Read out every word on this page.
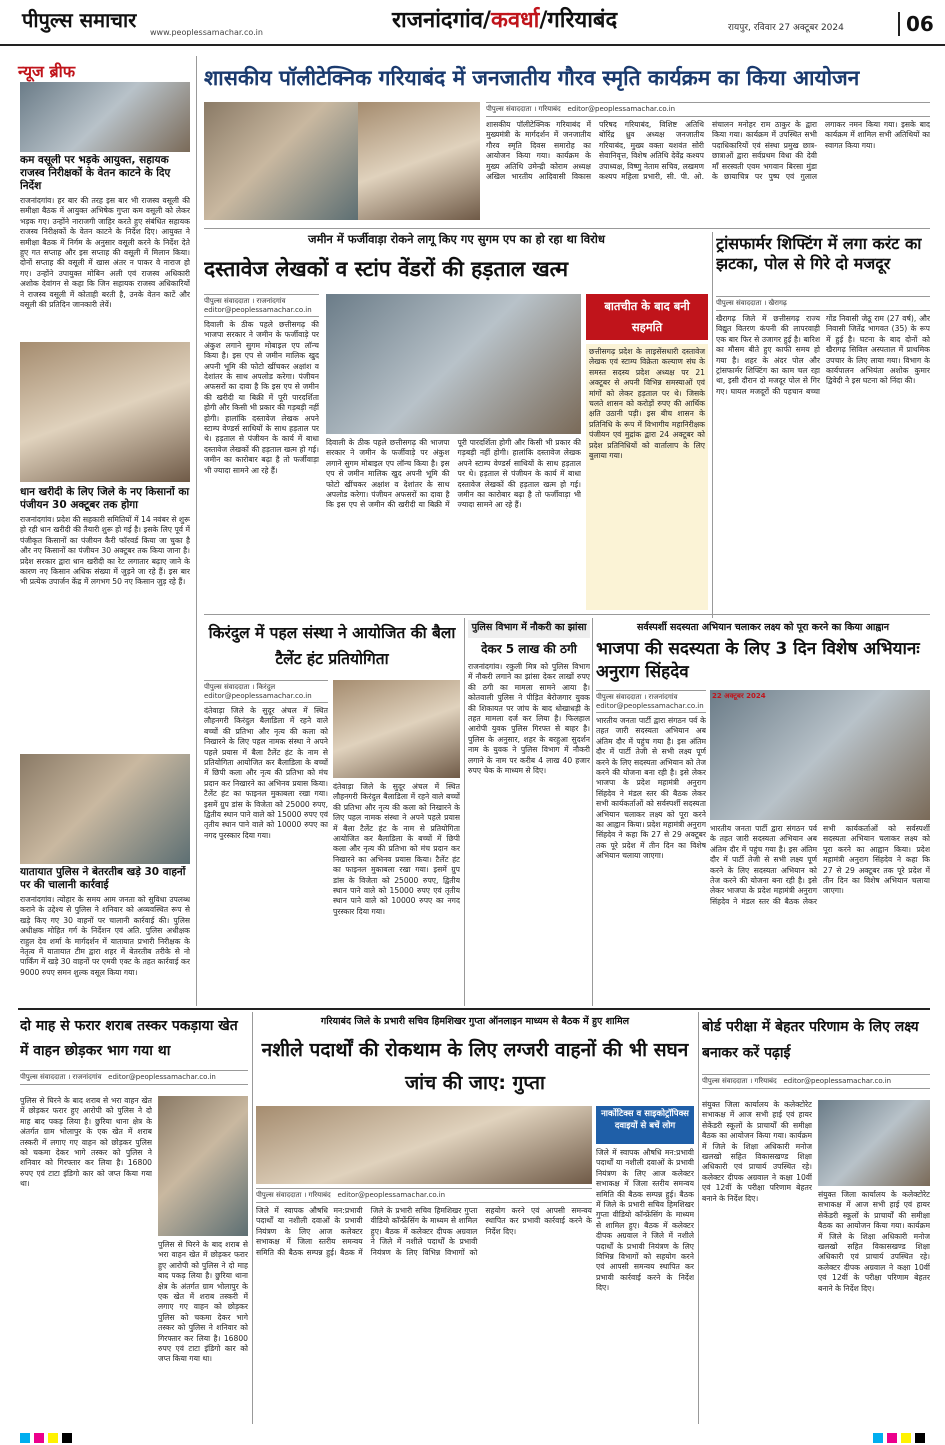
पीपुल्स समाचार
www.peoplessamachar.co.in	राजनांदगांव/कवर्धा/गरियाबंद	रायपुर, रविवार 27 अक्टूबर 2024	06
न्यूज ब्रीफ
कम वसूली पर भड़के आयुक्त, सहायक राजस्व निरीक्षकों के वेतन काटने के दिए निर्देश
राजनांदगांव। हर बार की तरह इस बार भी राजस्व वसूली की समीक्षा बैठक में आयुक्त अभिषेक गुप्ता कम वसूली को लेकर भड़क गए। उन्होंने नाराजगी जाहिर करते हुए संबंधित सहायक राजस्व निरीक्षकों के वेतन काटने के निर्देश दिए। आयुक्त ने समीक्षा बैठक में निर्गम के अनुसार वसूली करने के निर्देश देते हुए गत सप्ताह और इस सप्ताह की वसूली में मिलान किया। दोनों सप्ताह की वसूली में खास अंतर न पाकर वे नाराज हो गए। उन्होंने उपायुक्त मोबिन अली एवं राजस्व अधिकारी अशोक देवांगन से कहा कि जिन सहायक राजस्व अधिकारियों ने राजस्व वसूली में कोताही बरती है, उनके वेतन काटें और वसूली की प्रतिदिन जानकारी लेवें।
धान खरीदी के लिए जिले के नए किसानों का पंजीयन 30 अक्टूबर तक होगा
राजनांदगांव। प्रदेश की सहकारी समितियों में 14 नवंबर से शुरू हो रही धान खरीदी की तैयारी शुरू हो गई है। इसके लिए पूर्व में पंजीकृत किसानों का पंजीयन कैरी फॉरवर्ड किया जा चुका है और नए किसानों का पंजीयन 30 अक्टूबर तक किया जाना है। प्रदेश सरकार द्वारा धान खरीदी का रेट लगातार बढ़ाए जाने के कारण नए किसान अधिक संख्या में जुड़ने जा रहे हैं। इस बार भी प्रत्येक उपार्जन केंद्र में लगभग 50 नए किसान जुड़ रहे हैं।
यातायात पुलिस ने बेतरतीब खड़े 30 वाहनों पर की चालानी कार्रवाई
राजनांदगांव। त्योहार के समय आम जनता को सुविधा उपलब्ध कराने के उद्देश्य से पुलिस ने शनिवार को अव्यवस्थित रूप से खड़े किए गए 30 वाहनों पर चालानी कार्रवाई की। पुलिस अधीक्षक मोहित गर्ग के निर्देशन एवं अति. पुलिस अधीक्षक राहुल देव शर्मा के मार्गदर्शन में यातायात प्रभारी निरीक्षक के नेतृत्व में यातायात टीम द्वारा शहर में बेतरतीब तरीके से नो पार्किंग में खड़े 30 वाहनों पर एमवी एक्ट के तहत कार्रवाई कर 9000 रुपए समन शुल्क वसूल किया गया।
शासकीय पॉलीटेक्निक गरियाबंद में जनजातीय गौरव स्मृति कार्यक्रम का किया आयोजन
पीपुल्स संवाददाता । गरियाबंद editor@peoplessamachar.co.in
शासकीय पॉलीटेक्निक गरियाबंद में मुख्यमंत्री के मार्गदर्शन में जनजातीय गौरव स्मृति दिवस समारोह का आयोजन किया गया। कार्यक्रम के मुख्य अतिथि उमेन्द्री कोराम अध्यक्ष अखिल भारतीय आदिवासी विकास परिषद गरियाबंद, विशिष्ट अतिथि बोरिंद्र ध्रुव अध्यक्ष जनजातीय गरियाबंद, मुख्य वक्ता यशवंत सोरी सेवानिवृत्त, विशेष अतिथि देवेंद्र कश्यप उपाध्यक्ष, विष्णु नेताम सचिव, लखमण कश्यप महिला प्रभारी, सी. पी. ओ. संचालन मनोहर राम ठाकुर के द्वारा किया गया। कार्यक्रम में उपस्थित सभी पदाधिकारियों एवं संस्था प्रमुख छात्र-छात्राओं द्वारा सर्वप्रथम विधा की देवी माँ सरस्वती एवम भगवान बिरसा मुंडा के छायाचित्र पर पुष्प एवं गुलाल लगाकर नमन किया गया। इसके बाद कार्यक्रम में शामिल सभी अतिथियों का स्वागत किया गया।
जमीन में फर्जीवाड़ा रोकने लागू किए गए सुगम एप का हो रहा था विरोध
दस्तावेज लेखकों व स्टांप वेंडरों की हड़ताल खत्म
पीपुल्स संवाददाता । राजनांदगांव
editor@peoplessamachar.co.in
दिवाली के ठीक पहले छत्तीसगढ़ की भाजपा सरकार ने जमीन के फर्जीवाड़े पर अंकुश लगाने सुगम मोबाइल एप लॉन्च किया है। इस एप से जमीन मालिक खुद अपनी भूमि की फोटो खींचकर अक्षांश व देशांतर के साथ अपलोड करेगा। पंजीयन अफसरों का दावा है कि इस एप से जमीन की खरीदी या बिक्री में पूरी पारदर्शिता होगी और किसी भी प्रकार की गड़बड़ी नहीं होगी। हालांकि दस्तावेज लेखक अपने स्टाम्प वेण्डर्स साथियों के साथ हड़ताल पर थे। हड़ताल से पंजीयन के कार्य में बाधा दस्तावेज लेखकों की हड़ताल खत्म हो गई। जमीन का कारोबार बढ़ा है तो फर्जीवाड़ा भी ज्यादा सामने आ रहे हैं।
बातचीत के बाद बनी सहमति
छत्तीसगढ़ प्रदेश के लाइसेंसधारी दस्तावेज लेखक एवं स्टाम्प विक्रेता कल्याण संघ के समस्त सदस्य प्रदेश अध्यक्ष पर 21 अक्टूबर से अपनी विभिन्न समस्याओं एवं मांगों को लेकर हड़ताल पर थे। जिसके चलते शासन को करोड़ों रुपए की आर्थिक क्षति उठानी पड़ी। इस बीच शासन के प्रतिनिधि के रूप में विभागीय महानिरीक्षक पंजीयन एवं मुद्रांक द्वारा 24 अक्टूबर को प्रदेश प्रतिनिधियों को वार्तालाप के लिए बुलाया गया।
दिवाली के ठीक पहले छत्तीसगढ़ की भाजपा सरकार ने जमीन के फर्जीवाड़े पर अंकुश लगाने सुगम मोबाइल एप लॉन्च किया है। इस एप से जमीन मालिक खुद अपनी भूमि की फोटो खींचकर अक्षांश व देशांतर के साथ अपलोड करेगा। पंजीयन अफसरों का दावा है कि इस एप से जमीन की खरीदी या बिक्री में पूरी पारदर्शिता होगी और किसी भी प्रकार की गड़बड़ी नहीं होगी। हालांकि दस्तावेज लेखक अपने स्टाम्प वेण्डर्स साथियों के साथ हड़ताल पर थे। हड़ताल से पंजीयन के कार्य में बाधा दस्तावेज लेखकों की हड़ताल खत्म हो गई। जमीन का कारोबार बढ़ा है तो फर्जीवाड़ा भी ज्यादा सामने आ रहे हैं।
ट्रांसफार्मर शिफ्टिंग में लगा करंट का झटका, पोल से गिरे दो मजदूर
पीपुल्स संवाददाता । खैरागढ़
खैरागढ़ जिले में छत्तीसगढ़ राज्य विद्युत वितरण कंपनी की लापरवाही एक बार फिर से उजागर हुई है। बारिश का मौसम बीते हुए काफी समय हो गया है। शहर के अंदर पोल और ट्रांसफार्मर शिफ्टिंग का काम चल रहा था, इसी दौरान दो मजदूर पोल से गिर गए। घायल मजदूरों की पहचान बच्चा गोंड निवासी जेठू राम (27 वर्ष), और निवासी जितेंद्र भागवत (35) के रूप में हुई है। घटना के बाद दोनों को खैरागढ़ सिविल अस्पताल में प्राथमिक उपचार के लिए लाया गया। विभाग के कार्यपालन अभियंता अशोक कुमार द्विवेदी ने इस घटना को निंदा की।
किरंदुल में पहल संस्था ने आयोजित की बैला टैलेंट हंट प्रतियोगिता
पीपुल्स संवाददाता । किरंदुल
editor@peoplessamachar.co.in
दंतेवाड़ा जिले के सुदूर अंचल में स्थित लौहनगरी किरंदुल बैलाडिला में रहने वाले बच्चों की प्रतिभा और नृत्य की कला को निखारने के लिए पहल नामक संस्था ने अपने पहले प्रयास में बैला टैलेंट हंट के नाम से प्रतियोगिता आयोजित कर बैलाडिला के बच्चों में छिपी कला और नृत्य की प्रतिभा को मंच प्रदान कर निखारने का अभिनव प्रयास किया। टैलेंट हंट का फाइनल मुकाबला रखा गया। इसमें ग्रुप डांस के विजेता को 25000 रुपए, द्वितीय स्थान पाने वाले को 15000 रुपए एवं तृतीय स्थान पाने वाले को 10000 रुपए का नगद पुरस्कार दिया गया।
दंतेवाड़ा जिले के सुदूर अंचल में स्थित लौहनगरी किरंदुल बैलाडिला में रहने वाले बच्चों की प्रतिभा और नृत्य की कला को निखारने के लिए पहल नामक संस्था ने अपने पहले प्रयास में बैला टैलेंट हंट के नाम से प्रतियोगिता आयोजित कर बैलाडिला के बच्चों में छिपी कला और नृत्य की प्रतिभा को मंच प्रदान कर निखारने का अभिनव प्रयास किया। टैलेंट हंट का फाइनल मुकाबला रखा गया। इसमें ग्रुप डांस के विजेता को 25000 रुपए, द्वितीय स्थान पाने वाले को 15000 रुपए एवं तृतीय स्थान पाने वाले को 10000 रुपए का नगद पुरस्कार दिया गया।
पुलिस विभाग में नौकरी का झांसा
देकर 5 लाख की ठगी
राजनांदगांव। रकुली मित्र को पुलिस विभाग में नौकरी लगाने का झांसा देकर लाखों रुपए की ठगी का मामला सामने आया है। कोतवाली पुलिस ने पीड़ित बेरोजगार युवक की शिकायत पर जांच के बाद धोखाधड़ी के तहत मामला दर्ज कर लिया है। फिलहाल आरोपी युवक पुलिस गिरफ्त से बाहर है। पुलिस के अनुसार, शहर के बरहुआ सुदर्शन नाम के युवक ने पुलिस विभाग में नौकरी लगाने के नाम पर करीब 4 लाख 40 हजार रुपए चेक के माध्यम से दिए।
सर्वस्पर्शी सदस्यता अभियान चलाकर लक्ष्य को पूरा करने का किया आह्वान
भाजपा की सदस्यता के लिए 3 दिन विशेष अभियानः अनुराग सिंहदेव
पीपुल्स संवाददाता । राजनांदगांव
editor@peoplessamachar.co.in
भारतीय जनता पार्टी द्वारा संगठन पर्व के तहत जारी सदस्यता अभियान अब अंतिम दौर में पहुंच गया है। इस अंतिम दौर में पार्टी तेजी से सभी लक्ष्य पूर्ण करने के लिए सदस्यता अभियान को तेज करने की योजना बना रही है। इसे लेकर भाजपा के प्रदेश महामंत्री अनुराग सिंहदेव ने मंडल स्तर की बैठक लेकर सभी कार्यकर्ताओं को सर्वस्पर्शी सदस्यता अभियान चलाकर लक्ष्य को पूरा करने का आह्वान किया। प्रदेश महामंत्री अनुराग सिंहदेव ने कहा कि 27 से 29 अक्टूबर तक पूरे प्रदेश में तीन दिन का विशेष अभियान चलाया जाएगा।
22 अक्टूबर 2024
भारतीय जनता पार्टी द्वारा संगठन पर्व के तहत जारी सदस्यता अभियान अब अंतिम दौर में पहुंच गया है। इस अंतिम दौर में पार्टी तेजी से सभी लक्ष्य पूर्ण करने के लिए सदस्यता अभियान को तेज करने की योजना बना रही है। इसे लेकर भाजपा के प्रदेश महामंत्री अनुराग सिंहदेव ने मंडल स्तर की बैठक लेकर सभी कार्यकर्ताओं को सर्वस्पर्शी सदस्यता अभियान चलाकर लक्ष्य को पूरा करने का आह्वान किया। प्रदेश महामंत्री अनुराग सिंहदेव ने कहा कि 27 से 29 अक्टूबर तक पूरे प्रदेश में तीन दिन का विशेष अभियान चलाया जाएगा।
दो माह से फरार शराब तस्कर पकड़ाया खेत में वाहन छोड़कर भाग गया था
पीपुल्स संवाददाता । राजनांदगांव editor@peoplessamachar.co.in
पुलिस से घिरने के बाद शराब से भरा वाहन खेत में छोड़कर फरार हुए आरोपी को पुलिस ने दो माह बाद पकड़ लिया है। छुरिया थाना क्षेत्र के अंतर्गत ग्राम भोलापुर के एक खेत में शराब तस्करी में लगाए गए वाहन को छोड़कर पुलिस को चकमा देकर भागे तस्कर को पुलिस ने शनिवार को गिरफ्तार कर लिया है। 16800 रुपए एवं टाटा इंडिगो कार को जप्त किया गया था।
पुलिस से घिरने के बाद शराब से भरा वाहन खेत में छोड़कर फरार हुए आरोपी को पुलिस ने दो माह बाद पकड़ लिया है। छुरिया थाना क्षेत्र के अंतर्गत ग्राम भोलापुर के एक खेत में शराब तस्करी में लगाए गए वाहन को छोड़कर पुलिस को चकमा देकर भागे तस्कर को पुलिस ने शनिवार को गिरफ्तार कर लिया है। 16800 रुपए एवं टाटा इंडिगो कार को जप्त किया गया था।
गरियाबंद जिले के प्रभारी सचिव हिमशिखर गुप्ता ऑनलाइन माध्यम से बैठक में हुए शामिल
नशीले पदार्थों की रोकथाम के लिए लग्जरी वाहनों की भी सघन जांच की जाए: गुप्ता
नार्कोटिक्स व साइकोट्रॉपिक्स दवाइयों से बचें लोग
जिले में स्वापक औषधि मन:प्रभावी पदार्थों या नशीली दवाओं के प्रभावी नियंत्रण के लिए आज कलेक्टर सभाकक्ष में जिला स्तरीय समन्वय समिति की बैठक सम्पन्न हुई। बैठक में जिले के प्रभारी सचिव हिमशिखर गुप्ता वीडियो कॉन्फ्रेंसिंग के माध्यम से शामिल हुए। बैठक में कलेक्टर दीपक अग्रवाल ने जिले में नशीले पदार्थों के प्रभावी नियंत्रण के लिए विभिन्न विभागों को सहयोग करने एवं आपसी समन्वय स्थापित कर प्रभावी कार्रवाई करने के निर्देश दिए।
पीपुल्स संवाददाता । गरियाबंद editor@peoplessamachar.co.in
जिले में स्वापक औषधि मन:प्रभावी पदार्थों या नशीली दवाओं के प्रभावी नियंत्रण के लिए आज कलेक्टर सभाकक्ष में जिला स्तरीय समन्वय समिति की बैठक सम्पन्न हुई। बैठक में जिले के प्रभारी सचिव हिमशिखर गुप्ता वीडियो कॉन्फ्रेंसिंग के माध्यम से शामिल हुए। बैठक में कलेक्टर दीपक अग्रवाल ने जिले में नशीले पदार्थों के प्रभावी नियंत्रण के लिए विभिन्न विभागों को सहयोग करने एवं आपसी समन्वय स्थापित कर प्रभावी कार्रवाई करने के निर्देश दिए।
बोर्ड परीक्षा में बेहतर परिणाम के लिए लक्ष्य बनाकर करें पढ़ाई
पीपुल्स संवाददाता । गरियाबंद editor@peoplessamachar.co.in
संयुक्त जिला कार्यालय के कलेक्टोरेट सभाकक्ष में आज सभी हाई एवं हायर सेकेंडरी स्कूलों के प्राचार्यों की समीक्षा बैठक का आयोजन किया गया। कार्यक्रम में जिले के शिक्षा अधिकारी मनोज खलखो सहित विकासखण्ड शिक्षा अधिकारी एवं प्राचार्य उपस्थित रहे। कलेक्टर दीपक अग्रवाल ने कक्षा 10वीं एवं 12वीं के परीक्षा परिणाम बेहतर बनाने के निर्देश दिए।	संयुक्त जिला कार्यालय के कलेक्टोरेट सभाकक्ष में आज सभी हाई एवं हायर सेकेंडरी स्कूलों के प्राचार्यों की समीक्षा बैठक का आयोजन किया गया। कार्यक्रम में जिले के शिक्षा अधिकारी मनोज खलखो सहित विकासखण्ड शिक्षा अधिकारी एवं प्राचार्य उपस्थित रहे। कलेक्टर दीपक अग्रवाल ने कक्षा 10वीं एवं 12वीं के परीक्षा परिणाम बेहतर बनाने के निर्देश दिए।
